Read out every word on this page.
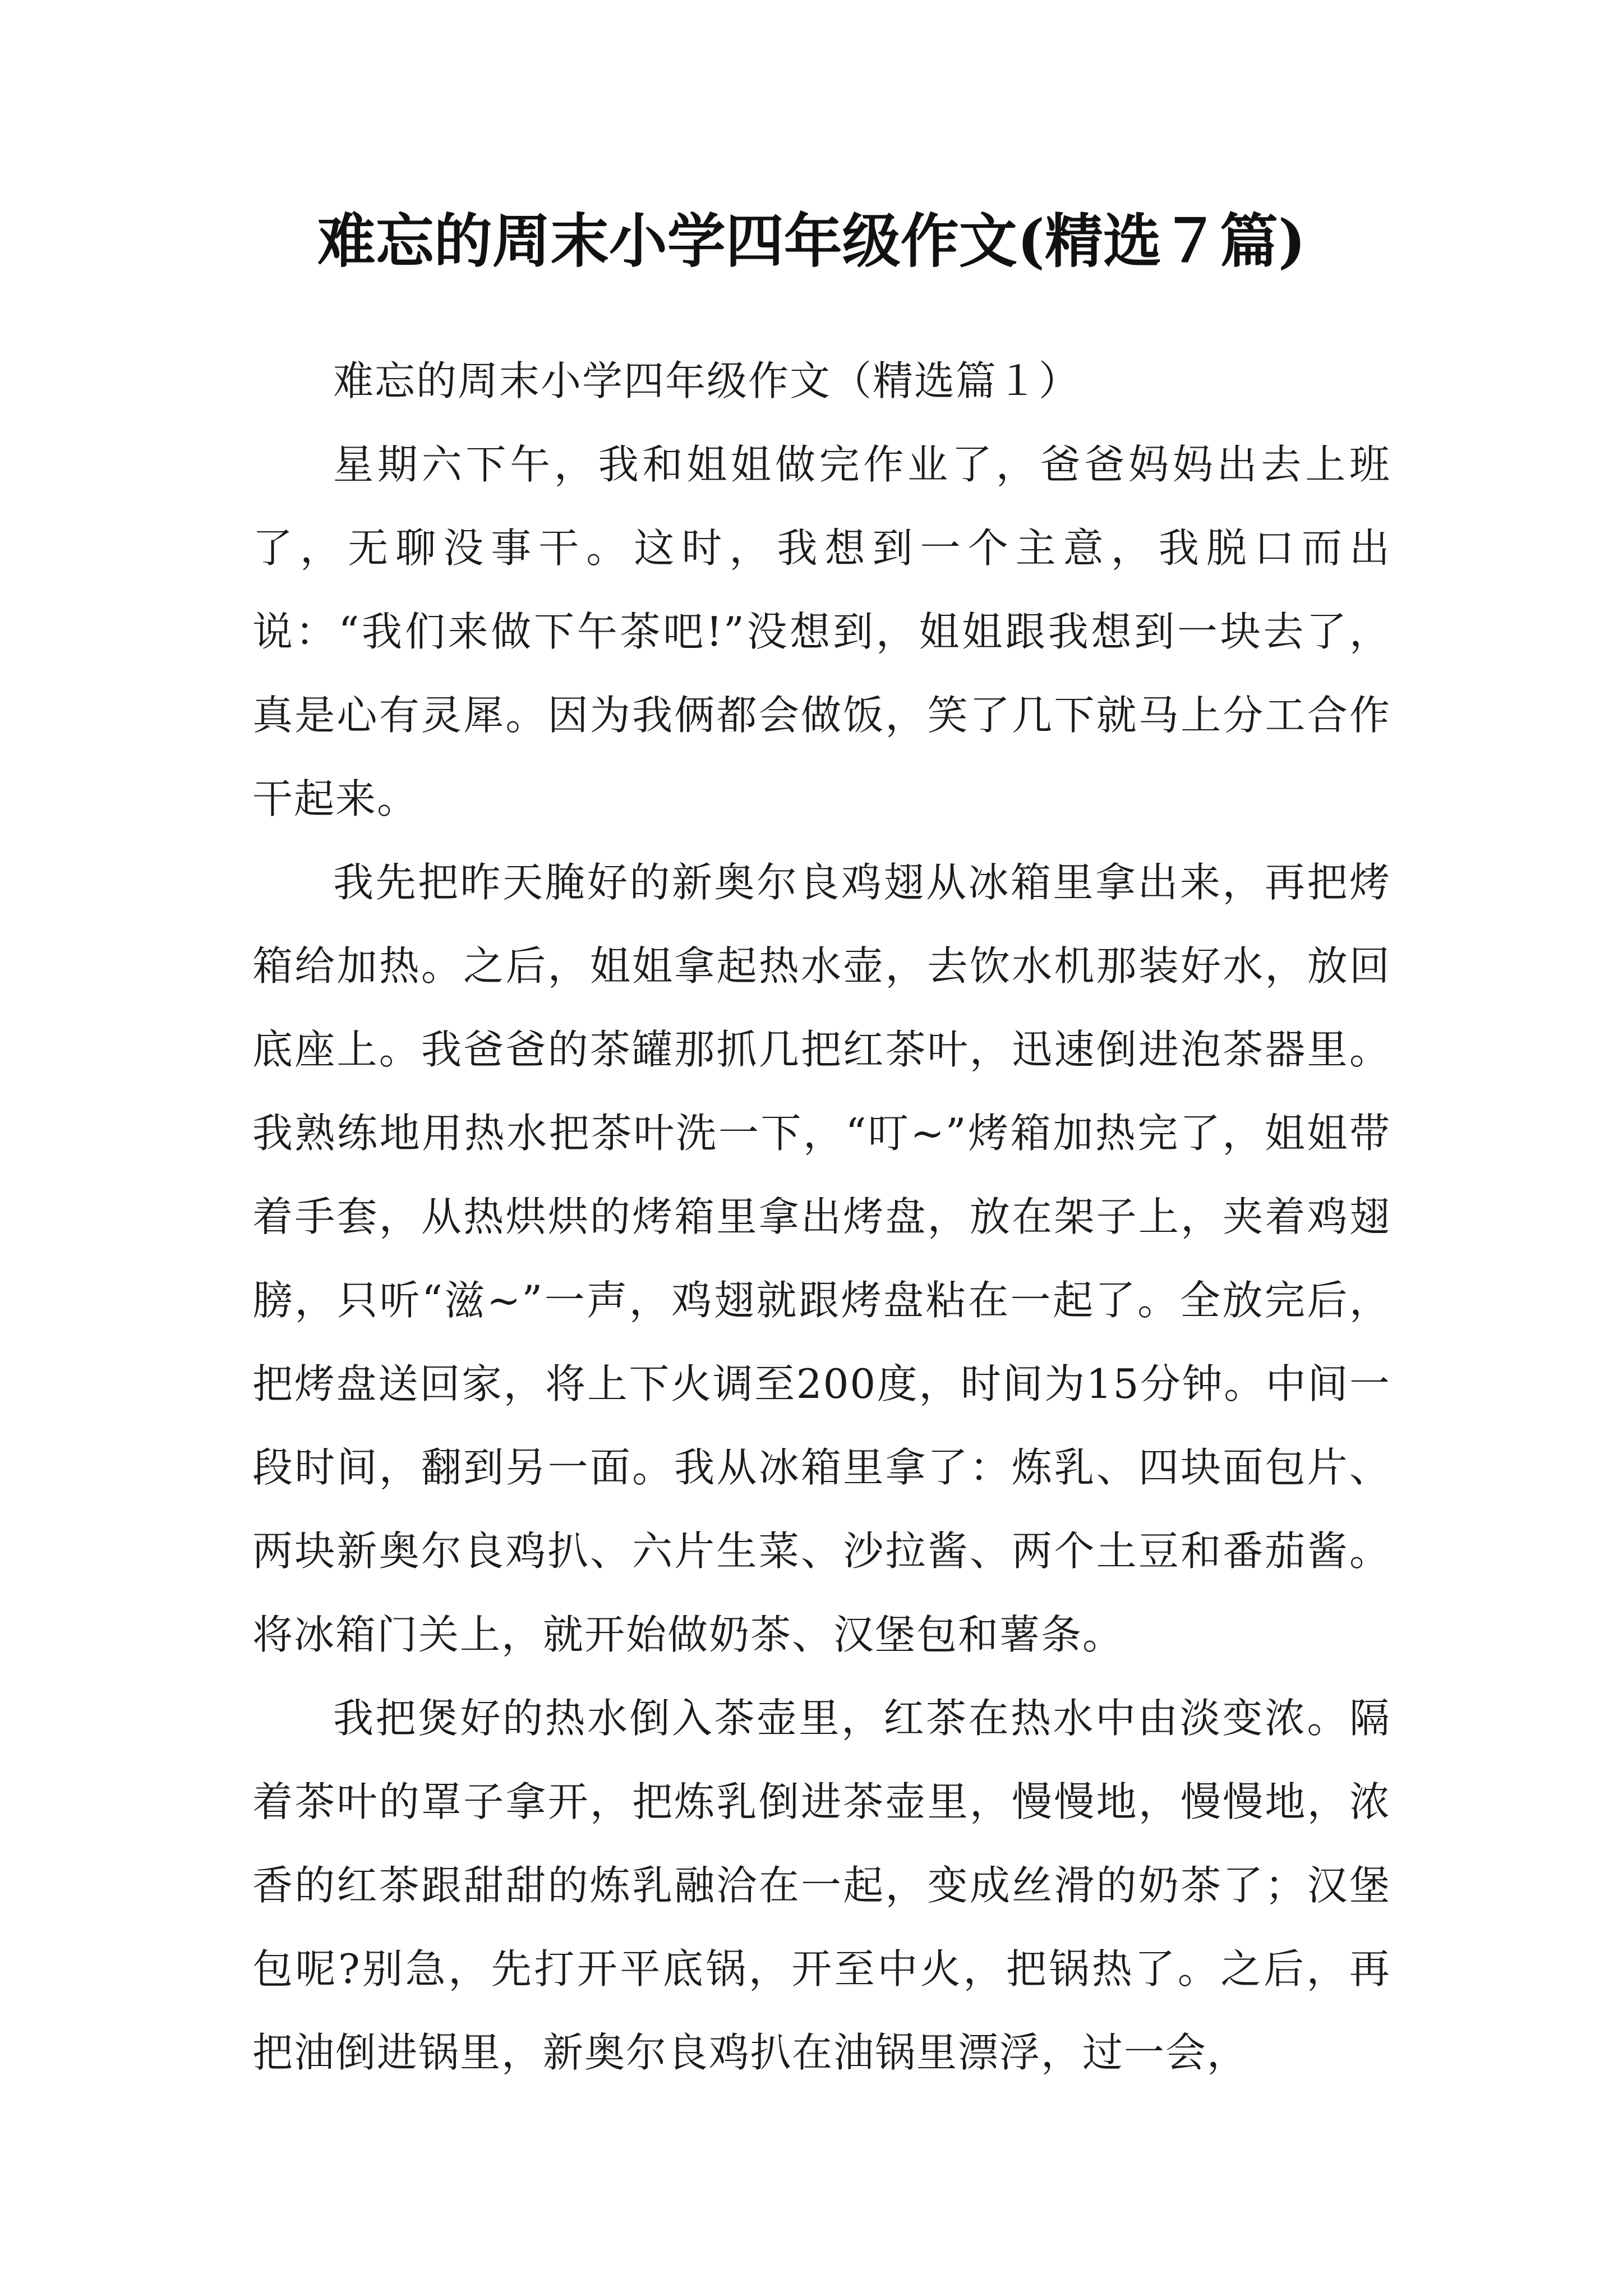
难忘的周末小学四年级作文(精选７篇)

难忘的周末小学四年级作文（精选篇１）

星期六下午，我和姐姐做完作业了，爸爸妈妈出去上班了，无聊没事干。这时，我想到一个主意，我脱口而出说：“我们来做下午茶吧!”没想到，姐姐跟我想到一块去了，真是心有灵犀。因为我俩都会做饭，笑了几下就马上分工合作干起来。

我先把昨天腌好的新奥尔良鸡翅从冰箱里拿出来，再把烤箱给加热。之后，姐姐拿起热水壶，去饮水机那装好水，放回底座上。我爸爸的茶罐那抓几把红茶叶，迅速倒进泡茶器里。我熟练地用热水把茶叶洗一下，“叮~”烤箱加热完了，姐姐带着手套，从热烘烘的烤箱里拿出烤盘，放在架子上，夹着鸡翅膀，只听“滋~”一声，鸡翅就跟烤盘粘在一起了。全放完后，把烤盘送回家，将上下火调至200度，时间为15分钟。中间一段时间，翻到另一面。我从冰箱里拿了：炼乳、四块面包片、两块新奥尔良鸡扒、六片生菜、沙拉酱、两个土豆和番茄酱。将冰箱门关上，就开始做奶茶、汉堡包和薯条。

我把煲好的热水倒入茶壶里，红茶在热水中由淡变浓。隔着茶叶的罩子拿开，把炼乳倒进茶壶里，慢慢地，慢慢地，浓香的红茶跟甜甜的炼乳融洽在一起，变成丝滑的奶茶了；汉堡包呢?别急，先打开平底锅，开至中火，把锅热了。之后，再把油倒进锅里，新奥尔良鸡扒在油锅里漂浮，过一会，
